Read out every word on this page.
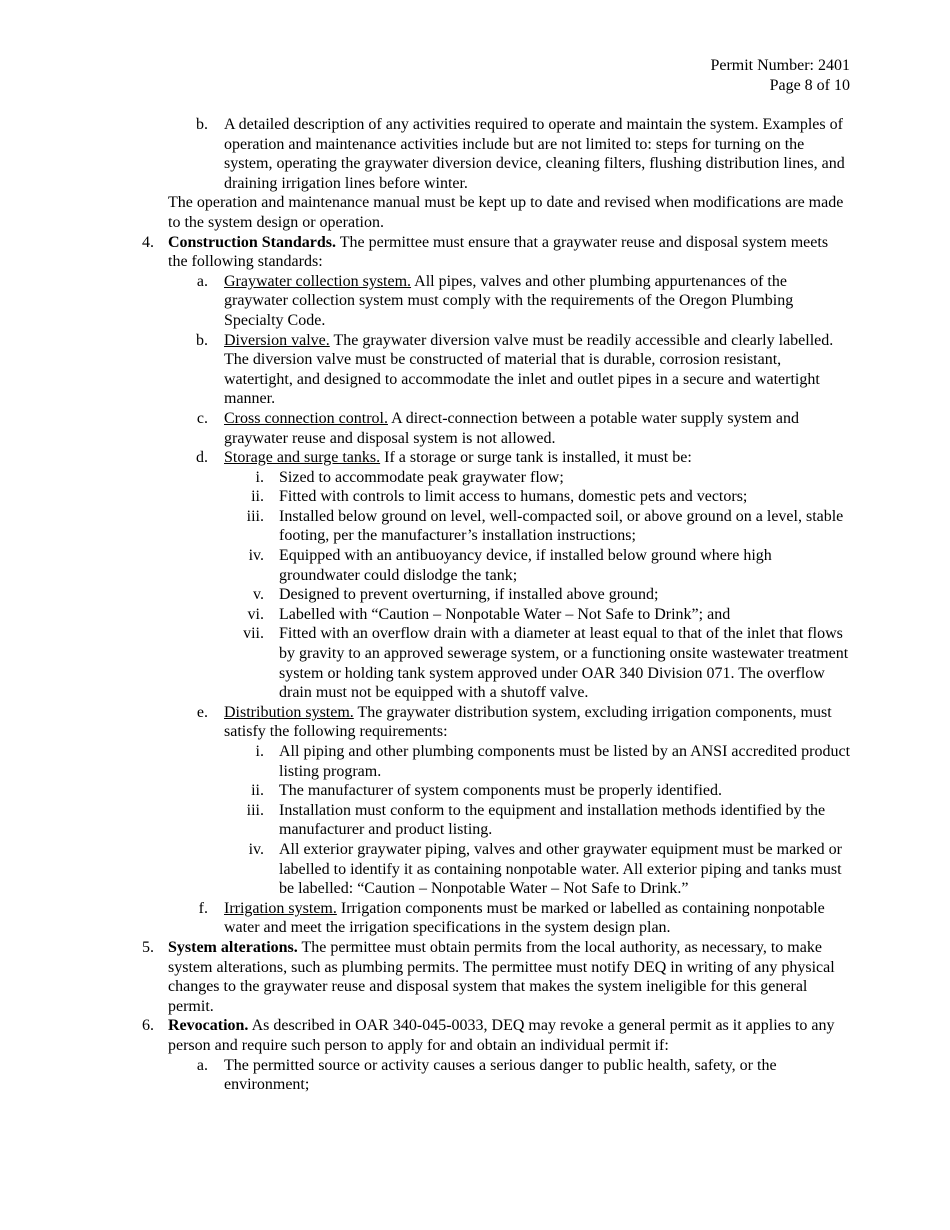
Permit Number: 2401
Page 8 of 10
b. A detailed description of any activities required to operate and maintain the system. Examples of operation and maintenance activities include but are not limited to: steps for turning on the system, operating the graywater diversion device, cleaning filters, flushing distribution lines, and draining irrigation lines before winter.
The operation and maintenance manual must be kept up to date and revised when modifications are made to the system design or operation.
4. Construction Standards. The permittee must ensure that a graywater reuse and disposal system meets the following standards:
a. Graywater collection system. All pipes, valves and other plumbing appurtenances of the graywater collection system must comply with the requirements of the Oregon Plumbing Specialty Code.
b. Diversion valve. The graywater diversion valve must be readily accessible and clearly labelled. The diversion valve must be constructed of material that is durable, corrosion resistant, watertight, and designed to accommodate the inlet and outlet pipes in a secure and watertight manner.
c. Cross connection control. A direct-connection between a potable water supply system and graywater reuse and disposal system is not allowed.
d. Storage and surge tanks. If a storage or surge tank is installed, it must be:
i. Sized to accommodate peak graywater flow;
ii. Fitted with controls to limit access to humans, domestic pets and vectors;
iii. Installed below ground on level, well-compacted soil, or above ground on a level, stable footing, per the manufacturer’s installation instructions;
iv. Equipped with an antibuoyancy device, if installed below ground where high groundwater could dislodge the tank;
v. Designed to prevent overturning, if installed above ground;
vi. Labelled with “Caution – Nonpotable Water – Not Safe to Drink”; and
vii. Fitted with an overflow drain with a diameter at least equal to that of the inlet that flows by gravity to an approved sewerage system, or a functioning onsite wastewater treatment system or holding tank system approved under OAR 340 Division 071. The overflow drain must not be equipped with a shutoff valve.
e. Distribution system. The graywater distribution system, excluding irrigation components, must satisfy the following requirements:
i. All piping and other plumbing components must be listed by an ANSI accredited product listing program.
ii. The manufacturer of system components must be properly identified.
iii. Installation must conform to the equipment and installation methods identified by the manufacturer and product listing.
iv. All exterior graywater piping, valves and other graywater equipment must be marked or labelled to identify it as containing nonpotable water. All exterior piping and tanks must be labelled: “Caution – Nonpotable Water – Not Safe to Drink.”
f. Irrigation system. Irrigation components must be marked or labelled as containing nonpotable water and meet the irrigation specifications in the system design plan.
5. System alterations. The permittee must obtain permits from the local authority, as necessary, to make system alterations, such as plumbing permits. The permittee must notify DEQ in writing of any physical changes to the graywater reuse and disposal system that makes the system ineligible for this general permit.
6. Revocation. As described in OAR 340-045-0033, DEQ may revoke a general permit as it applies to any person and require such person to apply for and obtain an individual permit if:
a. The permitted source or activity causes a serious danger to public health, safety, or the environment;
